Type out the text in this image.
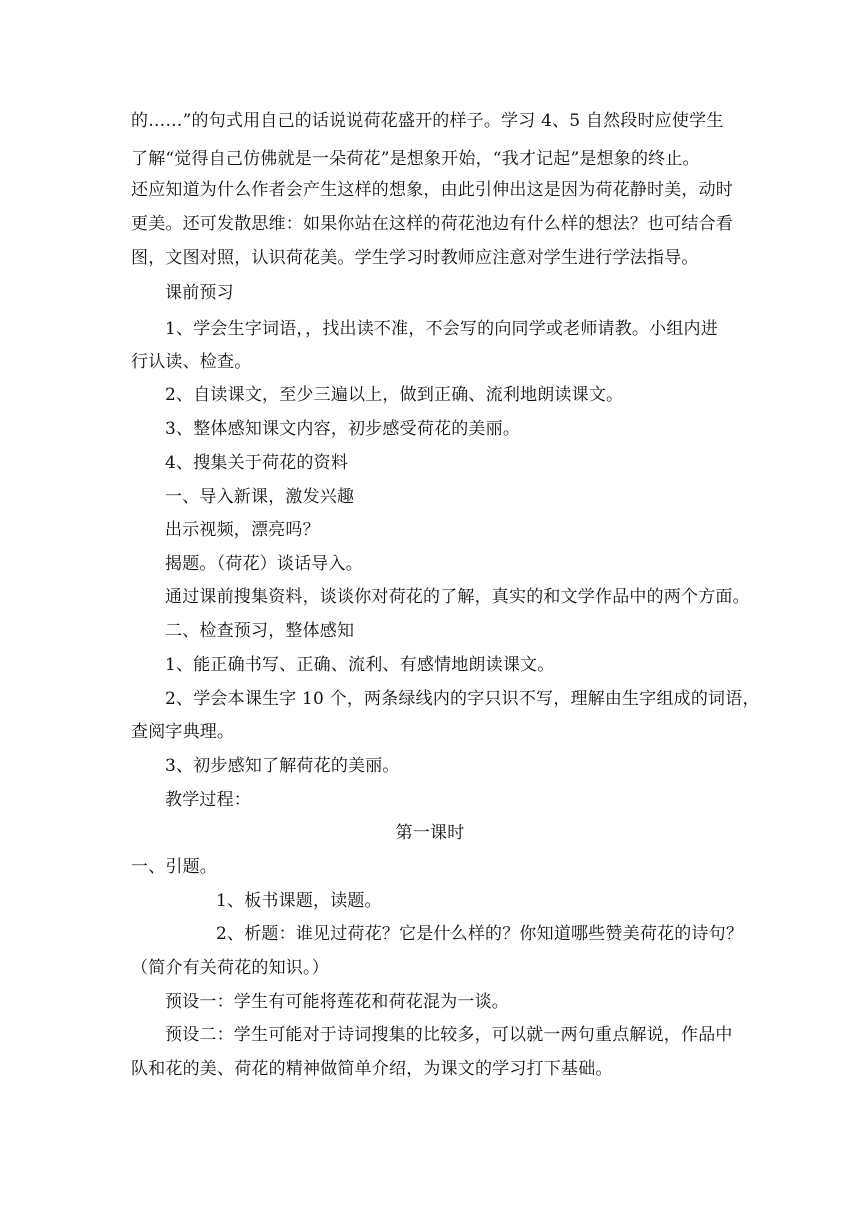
的……”的句式用自己的话说说荷花盛开的样子。学习 4、5 自然段时应使学生
了解“觉得自己仿佛就是一朵荷花”是想象开始，“我才记起”是想象的终止。
还应知道为什么作者会产生这样的想象，由此引伸出这是因为荷花静时美，动时
更美。还可发散思维：如果你站在这样的荷花池边有什么样的想法？也可结合看
图，文图对照，认识荷花美。学生学习时教师应注意对学生进行学法指导。
课前预习
1、学会生字词语，，找出读不准，不会写的向同学或老师请教。小组内进
行认读、检查。
2、自读课文，至少三遍以上，做到正确、流利地朗读课文。
3、整体感知课文内容，初步感受荷花的美丽。
4、搜集关于荷花的资料
一、导入新课，激发兴趣
出示视频，漂亮吗？
揭题。（荷花）谈话导入。
通过课前搜集资料，谈谈你对荷花的了解，真实的和文学作品中的两个方面。
二、检查预习，整体感知
1、能正确书写、正确、流利、有感情地朗读课文。
2、学会本课生字 10 个，两条绿线内的字只识不写，理解由生字组成的词语，
查阅字典理。
3、初步感知了解荷花的美丽。
教学过程：
第一课时
一、引题。
1、板书课题，读题。
2、析题：谁见过荷花？它是什么样的？你知道哪些赞美荷花的诗句？
（简介有关荷花的知识。）
预设一：学生有可能将莲花和荷花混为一谈。
预设二：学生可能对于诗词搜集的比较多，可以就一两句重点解说，作品中
队和花的美、荷花的精神做简单介绍，为课文的学习打下基础。
